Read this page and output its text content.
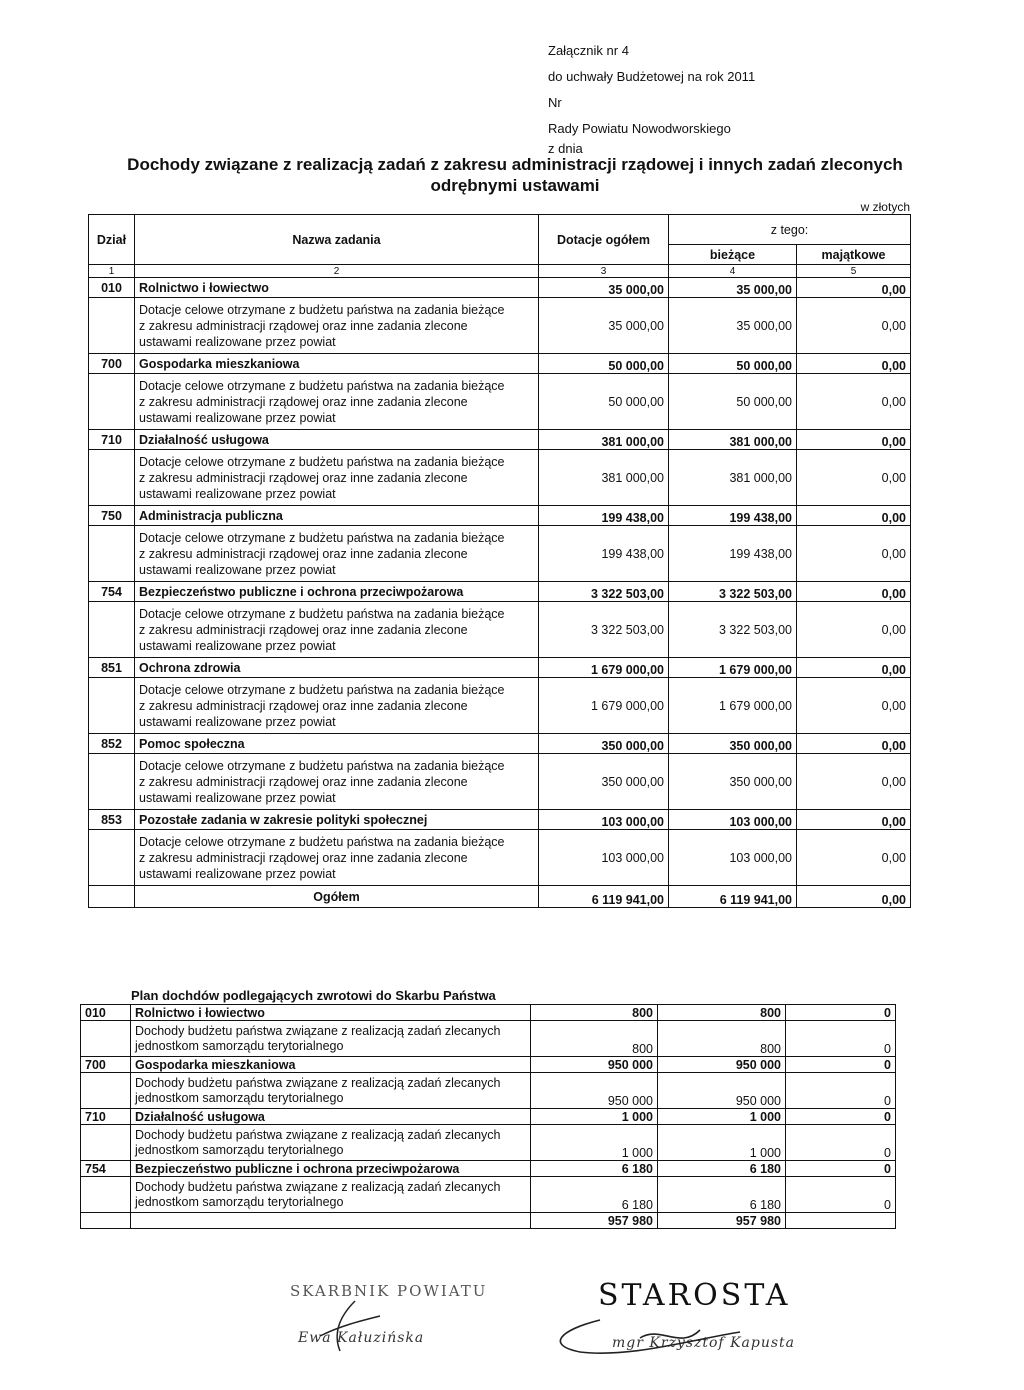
Załącznik nr 4
do uchwały Budżetowej na rok 2011
Nr
Rady Powiatu Nowodworskiego
z dnia
Dochody związane z realizacją zadań z zakresu administracji rządowej i innych zadań zleconych
odrębnymi ustawami
w złotych
Dział	Nazwa zadania	Dotacje ogółem	z tego:	
			bieżące	majątkowe
1	2	3	4	5
010	Rolnictwo i łowiectwo	35 000,00	35 000,00	0,00

	Dotacje celowe otrzymane z budżetu państwa na zadania bieżące
z zakresu administracji rządowej oraz inne zadania zlecone
ustawami realizowane przez powiat	35 000,00	35 000,00	0,00
700	Gospodarka mieszkaniowa	50 000,00	50 000,00	0,00

	Dotacje celowe otrzymane z budżetu państwa na zadania bieżące
z zakresu administracji rządowej oraz inne zadania zlecone
ustawami realizowane przez powiat	50 000,00	50 000,00	0,00
710	Działalność usługowa	381 000,00	381 000,00	0,00

	Dotacje celowe otrzymane z budżetu państwa na zadania bieżące
z zakresu administracji rządowej oraz inne zadania zlecone
ustawami realizowane przez powiat	381 000,00	381 000,00	0,00
750	Administracja publiczna	199 438,00	199 438,00	0,00

	Dotacje celowe otrzymane z budżetu państwa na zadania bieżące
z zakresu administracji rządowej oraz inne zadania zlecone
ustawami realizowane przez powiat	199 438,00	199 438,00	0,00
754	Bezpieczeństwo publiczne i ochrona przeciwpożarowa	3 322 503,00	3 322 503,00	0,00

	Dotacje celowe otrzymane z budżetu państwa na zadania bieżące
z zakresu administracji rządowej oraz inne zadania zlecone
ustawami realizowane przez powiat	3 322 503,00	3 322 503,00	0,00
851	Ochrona zdrowia	1 679 000,00	1 679 000,00	0,00

	Dotacje celowe otrzymane z budżetu państwa na zadania bieżące
z zakresu administracji rządowej oraz inne zadania zlecone
ustawami realizowane przez powiat	1 679 000,00	1 679 000,00	0,00
852	Pomoc społeczna	350 000,00	350 000,00	0,00

	Dotacje celowe otrzymane z budżetu państwa na zadania bieżące
z zakresu administracji rządowej oraz inne zadania zlecone
ustawami realizowane przez powiat	350 000,00	350 000,00	0,00
853	Pozostałe zadania w zakresie polityki społecznej	103 000,00	103 000,00	0,00

	Dotacje celowe otrzymane z budżetu państwa na zadania bieżące
z zakresu administracji rządowej oraz inne zadania zlecone
ustawami realizowane przez powiat	103 000,00	103 000,00	0,00
	Ogółem	6 119 941,00	6 119 941,00	0,00
Plan dochdów podlegających zwrotowi do Skarbu Państwa
010	Rolnictwo i łowiectwo	800	800	0

	Dochody budżetu państwa związane z realizacją zadań zlecanych
jednostkom samorządu terytorialnego	800	800	0
700	Gospodarka mieszkaniowa	950 000	950 000	0

	Dochody budżetu państwa związane z realizacją zadań zlecanych
jednostkom samorządu terytorialnego	950 000	950 000	0
710	Działalność usługowa	1 000	1 000	0

	Dochody budżetu państwa związane z realizacją zadań zlecanych
jednostkom samorządu terytorialnego	1 000	1 000	0
754	Bezpieczeństwo publiczne i ochrona przeciwpożarowa	6 180	6 180	0

	Dochody budżetu państwa związane z realizacją zadań zlecanych
jednostkom samorządu terytorialnego	6 180	6 180	0
		957 980	957 980	
SKARBNIK POWIATU
Ewa Kałuzińska
STAROSTA
mgr Krzysztof Kapusta
